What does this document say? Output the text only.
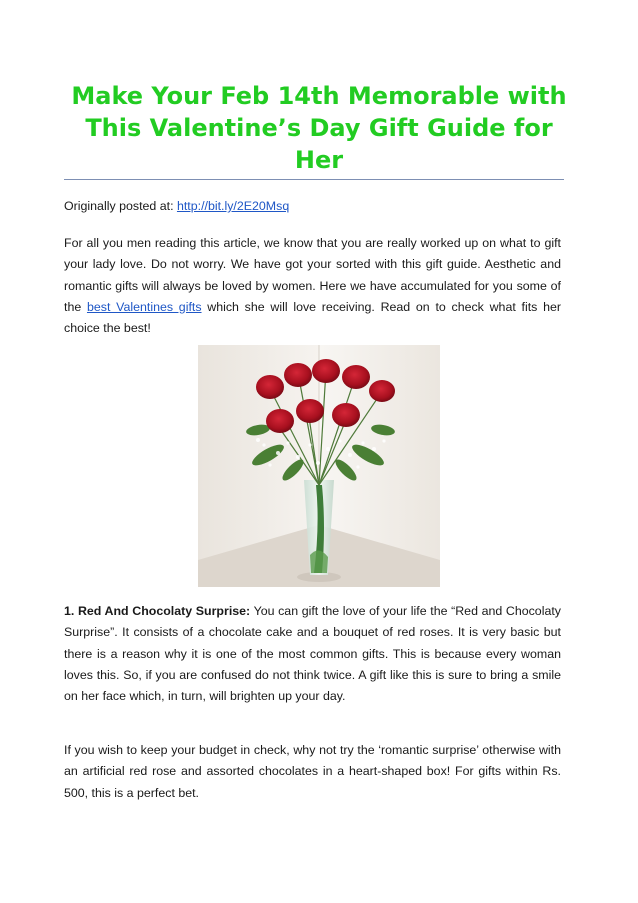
Make Your Feb 14th Memorable with This Valentine’s Day Gift Guide for Her

Originally posted at: http://bit.ly/2E20Msq

For all you men reading this article, we know that you are really worked up on what to gift your lady love. Do not worry. We have got your sorted with this gift guide. Aesthetic and romantic gifts will always be loved by women. Here we have accumulated for you some of the best Valentines gifts which she will love receiving. Read on to check what fits her choice the best!

1. Red And Chocolaty Surprise: You can gift the love of your life the “Red and Chocolaty Surprise”. It consists of a chocolate cake and a bouquet of red roses. It is very basic but there is a reason why it is one of the most common gifts. This is because every woman loves this. So, if you are confused do not think twice. A gift like this is sure to bring a smile on her face which, in turn, will brighten up your day.

If you wish to keep your budget in check, why not try the ‘romantic surprise’ otherwise with an artificial red rose and assorted chocolates in a heart-shaped box! For gifts within Rs. 500, this is a perfect bet.
